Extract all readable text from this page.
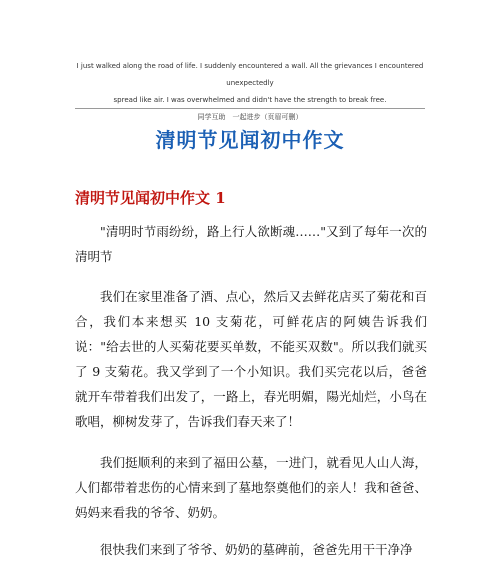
I just walked along the road of life. I suddenly encountered a wall. All the grievances I encountered unexpectedly
spread like air. I was overwhelmed and didn't have the strength to break free.同学互助　一起进步（页眉可删）
清明节见闻初中作文
清明节见闻初中作文 1
"清明时节雨纷纷，路上行人欲断魂……"又到了每年一次的清明节
我们在家里准备了酒、点心，然后又去鲜花店买了菊花和百合，我们本来想买 10 支菊花，可鲜花店的阿姨告诉我们说："给去世的人买菊花要买单数，不能买双数"。所以我们就买了 9 支菊花。我又学到了一个小知识。我们买完花以后，爸爸就开车带着我们出发了，一路上，春光明媚，陽光灿烂，小鸟在歌唱，柳树发芽了，告诉我们春天来了！
我们挺顺利的来到了福田公墓，一进门，就看见人山人海，人们都带着悲伤的心情来到了墓地祭奠他们的亲人！我和爸爸、妈妈来看我的爷爷、奶奶。
很快我们来到了爷爷、奶奶的墓碑前，爸爸先用干干净净
